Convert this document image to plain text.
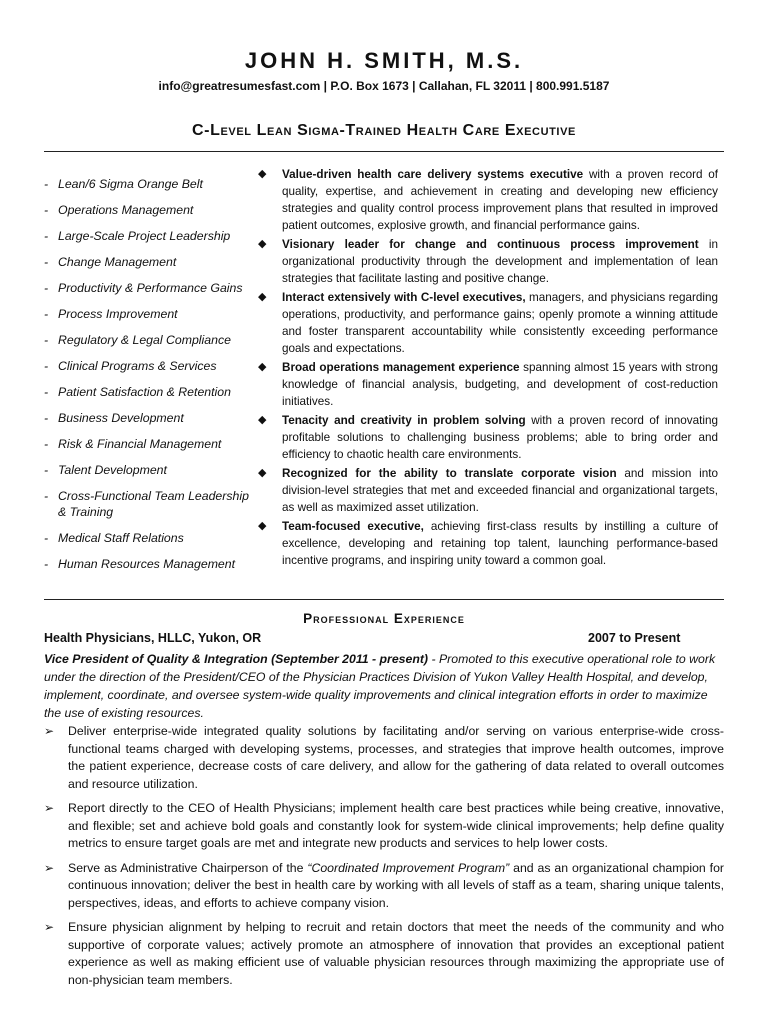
JOHN H. SMITH, M.S.
info@greatresumesfast.com | P.O. Box 1673 | Callahan, FL 32011 | 800.991.5187
C-Level Lean Sigma-Trained Health Care Executive
- Lean/6 Sigma Orange Belt
- Operations Management
- Large-Scale Project Leadership
- Change Management
- Productivity & Performance Gains
- Process Improvement
- Regulatory & Legal Compliance
- Clinical Programs & Services
- Patient Satisfaction & Retention
- Business Development
- Risk & Financial Management
- Talent Development
- Cross-Functional Team Leadership & Training
- Medical Staff Relations
- Human Resources Management
◆ Value-driven health care delivery systems executive with a proven record of quality, expertise, and achievement in creating and developing new efficiency strategies and quality control process improvement plans that resulted in improved patient outcomes, explosive growth, and financial performance gains.
◆ Visionary leader for change and continuous process improvement in organizational productivity through the development and implementation of lean strategies that facilitate lasting and positive change.
◆ Interact extensively with C-level executives, managers, and physicians regarding operations, productivity, and performance gains; openly promote a winning attitude and foster transparent accountability while consistently exceeding performance goals and expectations.
◆ Broad operations management experience spanning almost 15 years with strong knowledge of financial analysis, budgeting, and development of cost-reduction initiatives.
◆ Tenacity and creativity in problem solving with a proven record of innovating profitable solutions to challenging business problems; able to bring order and efficiency to chaotic health care environments.
◆ Recognized for the ability to translate corporate vision and mission into division-level strategies that met and exceeded financial and organizational targets, as well as maximized asset utilization.
◆ Team-focused executive, achieving first-class results by instilling a culture of excellence, developing and retaining top talent, launching performance-based incentive programs, and inspiring unity toward a common goal.
Professional Experience
Health Physicians, HLLC, Yukon, OR	2007 to Present
Vice President of Quality & Integration (September 2011 - present) - Promoted to this executive operational role to work under the direction of the President/CEO of the Physician Practices Division of Yukon Valley Health Hospital, and develop, implement, coordinate, and oversee system-wide quality improvements and clinical integration efforts in order to maximize the use of existing resources.
➢ Deliver enterprise-wide integrated quality solutions by facilitating and/or serving on various enterprise-wide cross-functional teams charged with developing systems, processes, and strategies that improve health outcomes, improve the patient experience, decrease costs of care delivery, and allow for the gathering of data related to overall outcomes and resource utilization.
➢ Report directly to the CEO of Health Physicians; implement health care best practices while being creative, innovative, and flexible; set and achieve bold goals and constantly look for system-wide clinical improvements; help define quality metrics to ensure target goals are met and integrate new products and services to help lower costs.
➢ Serve as Administrative Chairperson of the “Coordinated Improvement Program” and as an organizational champion for continuous innovation; deliver the best in health care by working with all levels of staff as a team, sharing unique talents, perspectives, ideas, and efforts to achieve company vision.
➢ Ensure physician alignment by helping to recruit and retain doctors that meet the needs of the community and who supportive of corporate values; actively promote an atmosphere of innovation that provides an exceptional patient experience as well as making efficient use of valuable physician resources through maximizing the appropriate use of non-physician team members.
